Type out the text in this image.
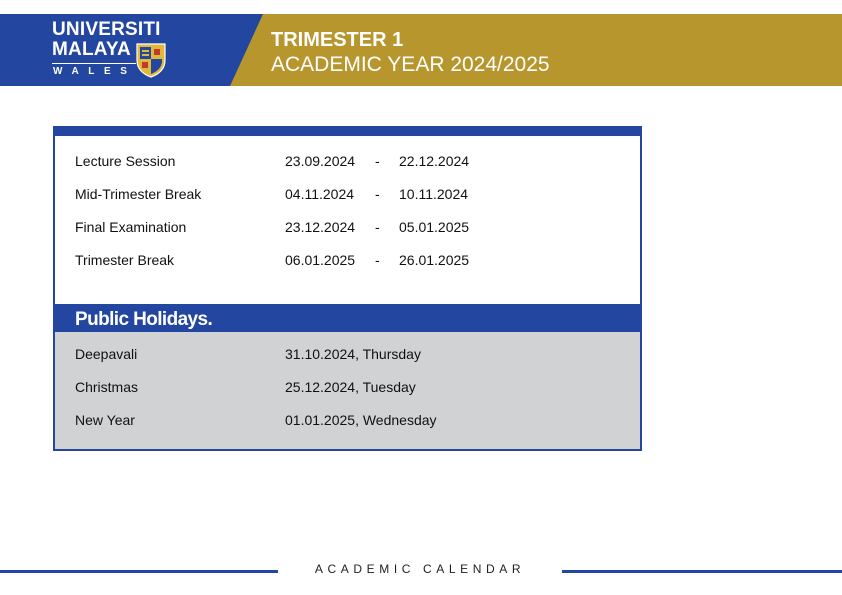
UNIVERSITI
MALAYA
WALES
TRIMESTER 1
ACADEMIC YEAR 2024/2025
Lecture Session	23.09.2024 - 22.12.2024
Mid-Trimester Break	04.11.2024 - 10.11.2024
Final Examination	23.12.2024 - 05.01.2025
Trimester Break	06.01.2025 - 26.01.2025
Public Holidays.
Deepavali	31.10.2024, Thursday
Christmas	25.12.2024, Tuesday
New Year	01.01.2025, Wednesday
ACADEMIC CALENDAR
